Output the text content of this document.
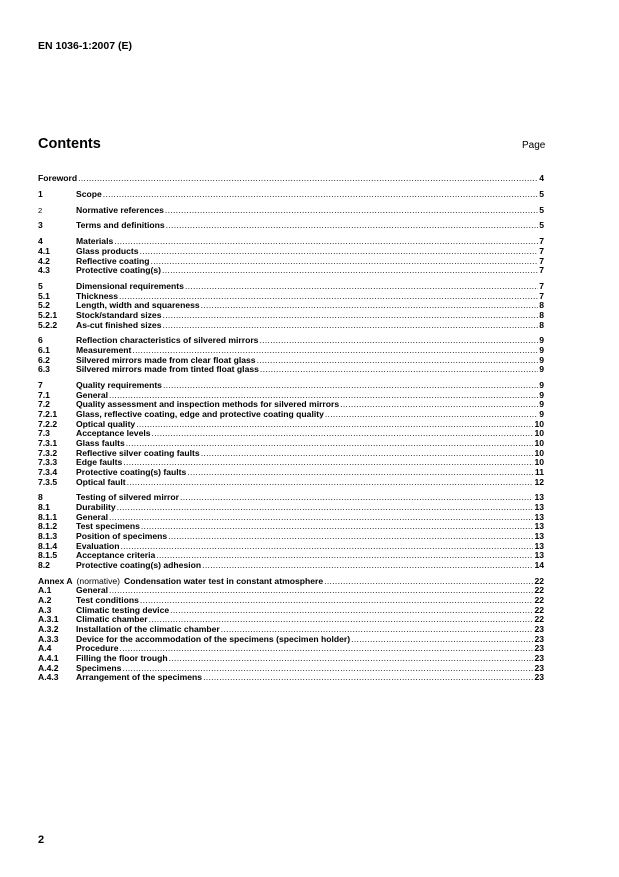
EN 1036-1:2007 (E)
Contents	Page
Foreword .....	4
1	Scope .....	5
2	Normative references .....	5
3	Terms and definitions .....	5
4	Materials .....	7
4.1	Glass products .....	7
4.2	Reflective coating .....	7
4.3	Protective coating(s) .....	7
5	Dimensional requirements .....	7
5.1	Thickness .....	7
5.2	Length, width and squareness .....	8
5.2.1	Stock/standard sizes .....	8
5.2.2	As-cut finished sizes .....	8
6	Reflection characteristics of silvered mirrors .....	9
6.1	Measurement .....	9
6.2	Silvered mirrors made from clear float glass .....	9
6.3	Silvered mirrors made from tinted float glass .....	9
7	Quality requirements .....	9
7.1	General .....	9
7.2	Quality assessment and inspection methods for silvered mirrors .....	9
7.2.1	Glass, reflective coating, edge and protective coating quality .....	9
7.2.2	Optical quality .....	10
7.3	Acceptance levels .....	10
7.3.1	Glass faults .....	10
7.3.2	Reflective silver coating faults .....	10
7.3.3	Edge faults .....	10
7.3.4	Protective coating(s) faults .....	11
7.3.5	Optical fault .....	12
8	Testing of silvered mirror .....	13
8.1	Durability .....	13
8.1.1	General .....	13
8.1.2	Test specimens .....	13
8.1.3	Position of specimens .....	13
8.1.4	Evaluation .....	13
8.1.5	Acceptance criteria .....	13
8.2	Protective coating(s) adhesion .....	14
Annex A (normative) Condensation water test in constant atmosphere .....	22
A.1	General .....	22
A.2	Test conditions .....	22
A.3	Climatic testing device .....	22
A.3.1	Climatic chamber .....	22
A.3.2	Installation of the climatic chamber .....	23
A.3.3	Device for the accommodation of the specimens (specimen holder) .....	23
A.4	Procedure .....	23
A.4.1	Filling the floor trough .....	23
A.4.2	Specimens .....	23
A.4.3	Arrangement of the specimens .....	23
2
